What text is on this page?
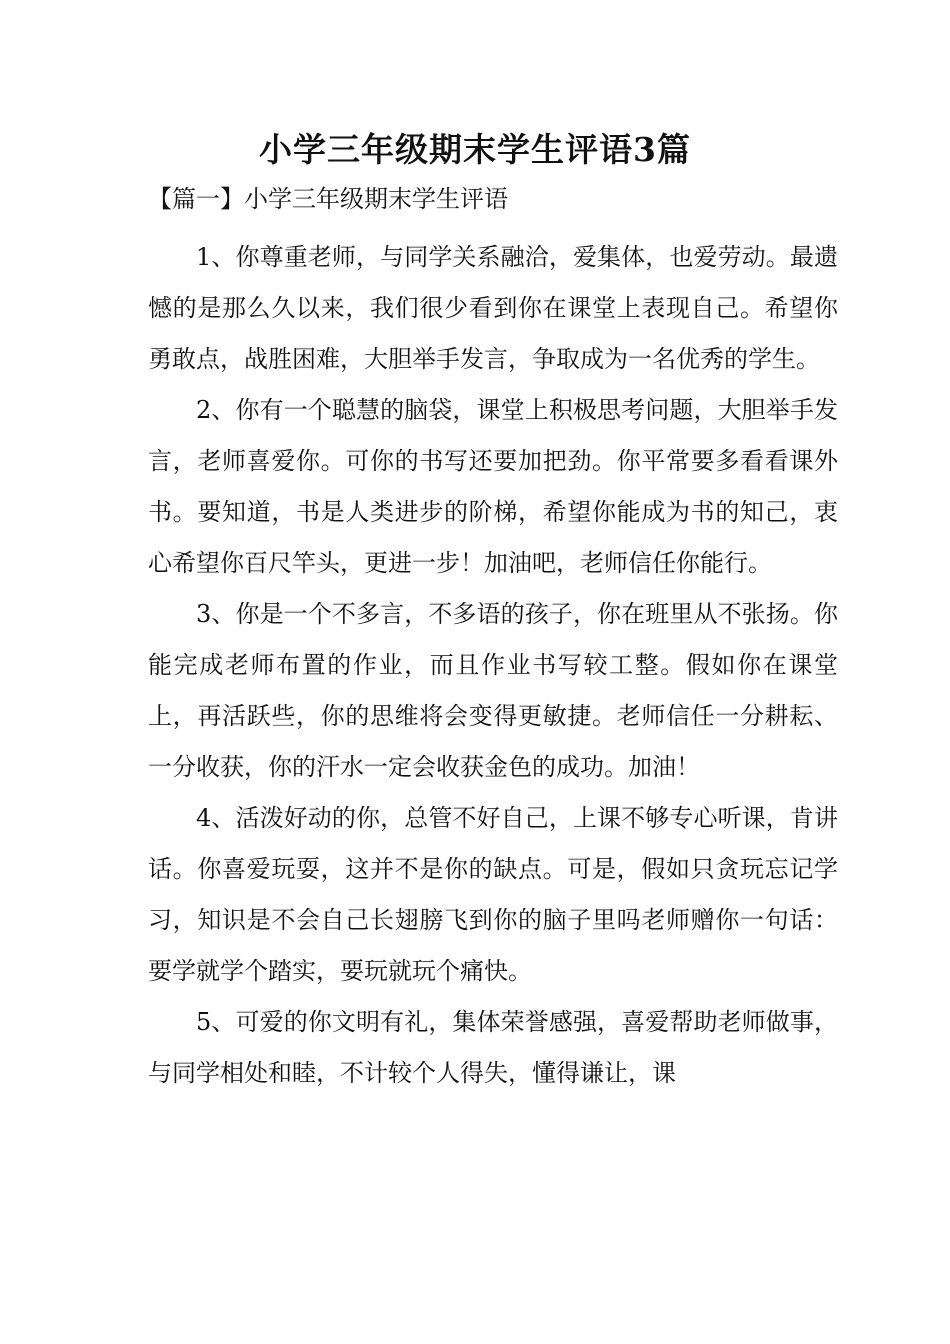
小学三年级期末学生评语3篇
【篇一】小学三年级期末学生评语

1、你尊重老师，与同学关系融洽，爱集体，也爱劳动。最遗憾的是那么久以来，我们很少看到你在课堂上表现自己。希望你勇敢点，战胜困难，大胆举手发言，争取成为一名优秀的学生。

2、你有一个聪慧的脑袋，课堂上积极思考问题，大胆举手发言，老师喜爱你。可你的书写还要加把劲。你平常要多看看课外书。要知道，书是人类进步的阶梯，希望你能成为书的知己，衷心希望你百尺竿头，更进一步！加油吧，老师信任你能行。

3、你是一个不多言，不多语的孩子，你在班里从不张扬。你能完成老师布置的作业，而且作业书写较工整。假如你在课堂上，再活跃些，你的思维将会变得更敏捷。老师信任一分耕耘、一分收获，你的汗水一定会收获金色的成功。加油！

4、活泼好动的你，总管不好自己，上课不够专心听课，肯讲话。你喜爱玩耍，这并不是你的缺点。可是，假如只贪玩忘记学习，知识是不会自己长翅膀飞到你的脑子里吗老师赠你一句话：要学就学个踏实，要玩就玩个痛快。

5、可爱的你文明有礼，集体荣誉感强，喜爱帮助老师做事，与同学相处和睦，不计较个人得失，懂得谦让，课
